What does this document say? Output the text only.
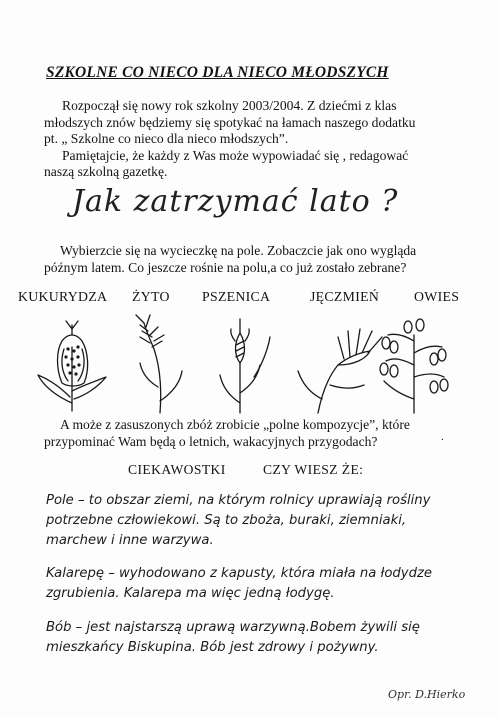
SZKOLNE CO NIECO DLA NIECO MŁODSZYCH
Rozpoczął się nowy rok szkolny 2003/2004. Z dziećmi z klas
młodszych znów będziemy się spotykać na łamach naszego dodatku
pt. „ Szkolne co nieco dla nieco młodszych”.
Pamiętajcie, że każdy z Was może wypowiadać się , redagować
naszą szkolną gazetkę.
Jak zatrzymać lato ?
Wybierzcie się na wycieczkę na pole. Zobaczcie jak ono wygląda
późnym latem. Co jeszcze rośnie na polu,a co już zostało zebrane?
KUKURYDZA ŻYTO PSZENICA	JĘCZMIEŃ	OWIES
A może z zasuszonych zbóż zrobicie „polne kompozycje”, które
przypominać Wam będą o letnich, wakacyjnych przygodach?	.
CIEKAWOSTKI	CZY WIESZ ŻE:
Pole – to obszar ziemi, na którym rolnicy uprawiają rośliny
potrzebne człowiekowi. Są to zboża, buraki, ziemniaki,
marchew i inne warzywa.
Kalarepę – wyhodowano z kapusty, która miała na łodydze
zgrubienia. Kalarepa ma więc jedną łodygę.
Bób – jest najstarszą uprawą warzywną.Bobem żywili się
mieszkańcy Biskupina. Bób jest zdrowy i pożywny.
Opr. D.Hierko
